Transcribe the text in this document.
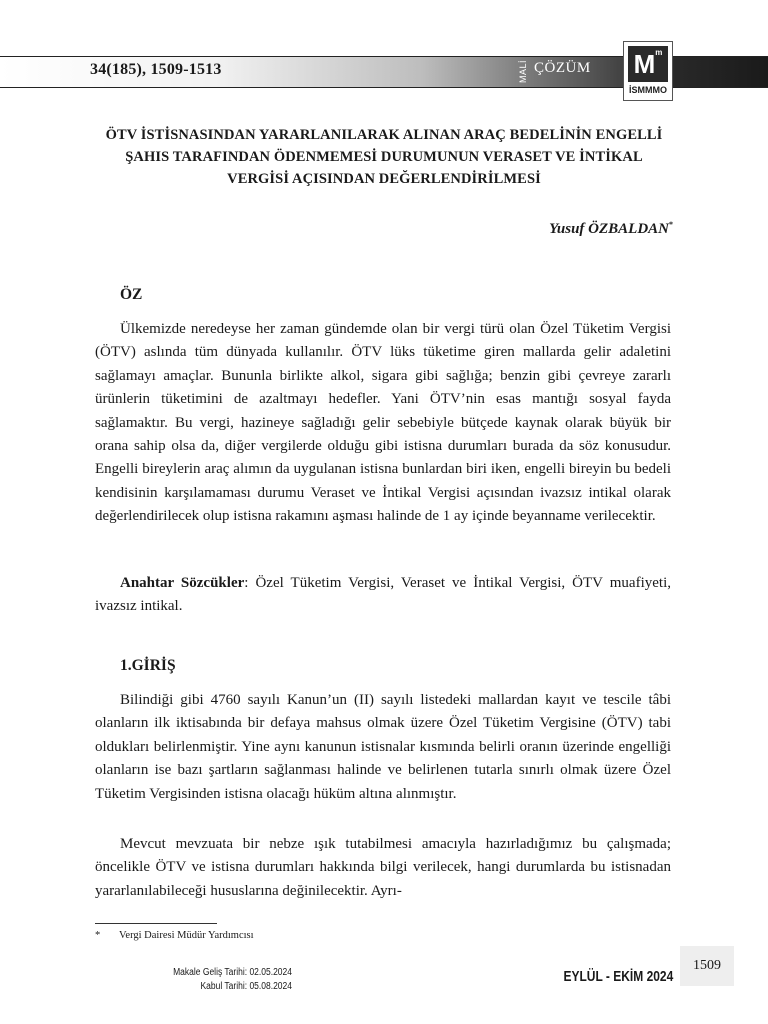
34(185), 1509-1513	MALİ ÇÖZÜM $M^m$
İSMMMO
ÖTV İSTİSNASINDAN YARARLANILARAK ALINAN ARAÇ BEDELİNİN ENGELLİ ŞAHIS TARAFINDAN ÖDENMEMESİ DURUMUNUN VERASET VE İNTİKAL VERGİSİ AÇISINDAN DEĞERLENDİRİLMESİ
Yusuf ÖZBALDAN*
ÖZ
Ülkemizde neredeyse her zaman gündemde olan bir vergi türü olan Özel Tüketim Vergisi (ÖTV) aslında tüm dünyada kullanılır. ÖTV lüks tüketime giren mallarda gelir adaletini sağlamayı amaçlar. Bununla birlikte alkol, sigara gibi sağlığa; benzin gibi çevreye zararlı ürünlerin tüketimini de azaltmayı hedefler. Yani ÖTV’nin esas mantığı sosyal fayda sağlamaktır. Bu vergi, hazineye sağladığı gelir sebebiyle bütçede kaynak olarak büyük bir orana sahip olsa da, diğer vergilerde olduğu gibi istisna durumları burada da söz konusudur. Engelli bireylerin araç alımın da uygulanan istisna bunlardan biri iken, engelli bireyin bu bedeli kendisinin karşılamaması durumu Veraset ve İntikal Vergisi açısından ivazsız intikal olarak değerlendirilecek olup istisna rakamını aşması halinde de 1 ay içinde beyanname verilecektir.
Anahtar Sözcükler: Özel Tüketim Vergisi, Veraset ve İntikal Vergisi, ÖTV muafiyeti, ivazsız intikal.
1.GİRİŞ
Bilindiği gibi 4760 sayılı Kanun’un (II) sayılı listedeki mallardan kayıt ve tescile tâbi olanların ilk iktisabında bir defaya mahsus olmak üzere Özel Tüketim Vergisine (ÖTV) tabi oldukları belirlenmiştir. Yine aynı kanunun istisnalar kısmında belirli oranın üzerinde engelliği olanların ise bazı şartların sağlanması halinde ve belirlenen tutarla sınırlı olmak üzere Özel Tüketim Vergisinden istisna olacağı hüküm altına alınmıştır.
Mevcut mevzuata bir nebze ışık tutabilmesi amacıyla hazırladığımız bu çalışmada; öncelikle ÖTV ve istisna durumları hakkında bilgi verilecek, hangi durumlarda bu istisnadan yararlanılabileceği hususlarına değinilecektir. Ayrı-
* Vergi Dairesi Müdür Yardımcısı
Makale Geliş Tarihi: 02.05.2024
Kabul Tarihi: 05.08.2024
EYLÜL - EKİM 2024
1509
